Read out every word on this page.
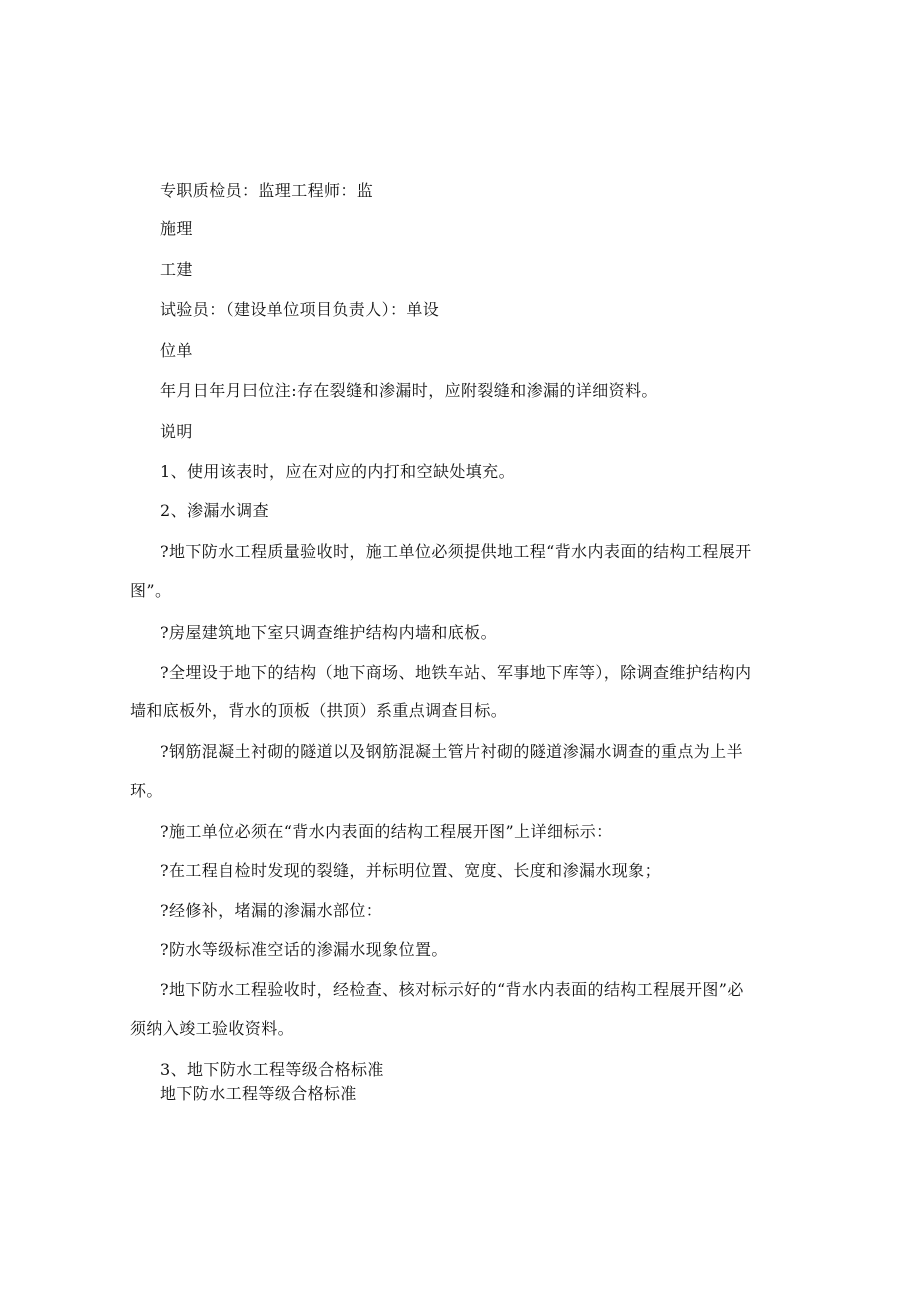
专职质检员：监理工程师：监
施理
工建
试验员：（建设单位项目负责人）：单设
位单
年月日年月曰位注:存在裂缝和渗漏时，应附裂缝和渗漏的详细资料。
说明
1、使用该表时，应在对应的内打和空缺处填充。
2、渗漏水调查
?地下防水工程质量验收时，施工单位必须提供地工程“背水内表面的结构工程展开
图”。
?房屋建筑地下室只调查维护结构内墙和底板。
?全埋设于地下的结构（地下商场、地铁车站、军事地下库等），除调查维护结构内
墙和底板外，背水的顶板（拱顶）系重点调查目标。
?钢筋混凝土衬砌的隧道以及钢筋混凝土管片衬砌的隧道渗漏水调查的重点为上半
环。
?施工单位必须在“背水内表面的结构工程展开图”上详细标示：
?在工程自检时发现的裂缝，并标明位置、宽度、长度和渗漏水现象；
?经修补，堵漏的渗漏水部位：
?防水等级标准空话的渗漏水现象位置。
?地下防水工程验收时，经检查、核对标示好的“背水内表面的结构工程展开图”必
须纳入竣工验收资料。
3、地下防水工程等级合格标准
地下防水工程等级合格标准
